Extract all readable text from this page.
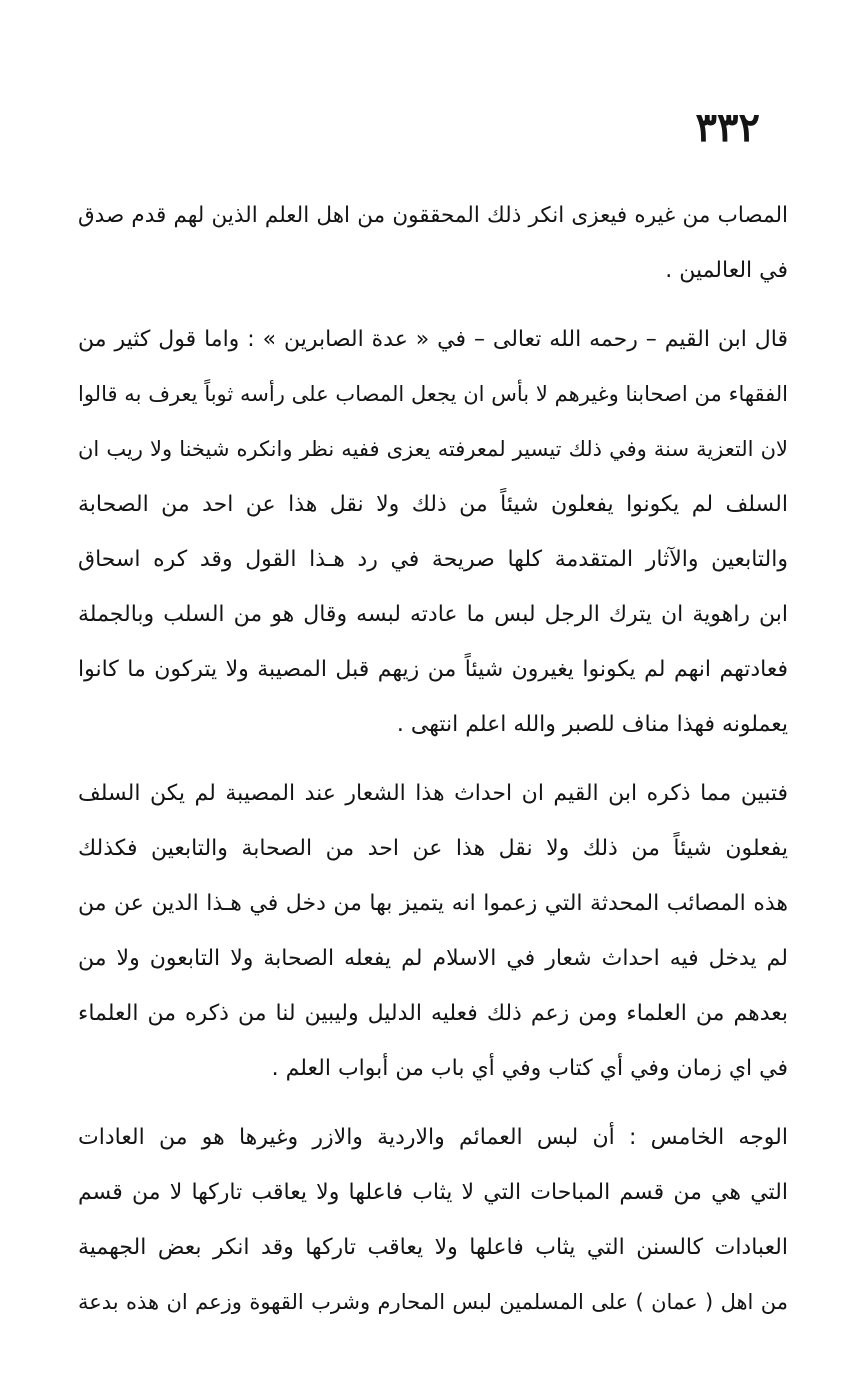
٣٣٢
المصاب من غيره فيعزى انكر ذلك المحققون من اهل العلم الذين لهم قدم صدق
في العالمين .
قال ابن القيم – رحمه الله تعالى – في « عدة الصابرين » : واما قول كثير من
الفقهاء من اصحابنا وغيرهم لا بأس ان يجعل المصاب على رأسه ثوباً يعرف به قالوا
لان التعزية سنة وفي ذلك تيسير لمعرفته يعزى ففيه نظر وانكره شيخنا ولا ريب ان
السلف لم يكونوا يفعلون شيئاً من ذلك ولا نقل هذا عن احد من الصحابة
والتابعين والآثار المتقدمة كلها صريحة في رد هـذا القول وقد كره اسحاق
ابن راهوية ان يترك الرجل لبس ما عادته لبسه وقال هو من السلب وبالجملة
فعادتهم انهم لم يكونوا يغيرون شيئاً من زيهم قبل المصيبة ولا يتركون ما كانوا
يعملونه فهذا مناف للصبر والله اعلم انتهى .
فتبين مما ذكره ابن القيم ان احداث هذا الشعار عند المصيبة لم يكن السلف
يفعلون شيئاً من ذلك ولا نقل هذا عن احد من الصحابة والتابعين فكذلك
هذه المصائب المحدثة التي زعموا انه يتميز بها من دخل في هـذا الدين عن من
لم يدخل فيه احداث شعار في الاسلام لم يفعله الصحابة ولا التابعون ولا من
بعدهم من العلماء ومن زعم ذلك فعليه الدليل وليبين لنا من ذكره من العلماء
في اي زمان وفي أي كتاب وفي أي باب من أبواب العلم .
الوجه الخامس : أن لبس العمائم والاردية والازر وغيرها هو من العادات
التي هي من قسم المباحات التي لا يثاب فاعلها ولا يعاقب تاركها لا من قسم
العبادات كالسنن التي يثاب فاعلها ولا يعاقب تاركها وقد انكر بعض الجهمية
من اهل ( عمان ) على المسلمين لبس المحارم وشرب القهوة وزعم ان هذه بدعة
